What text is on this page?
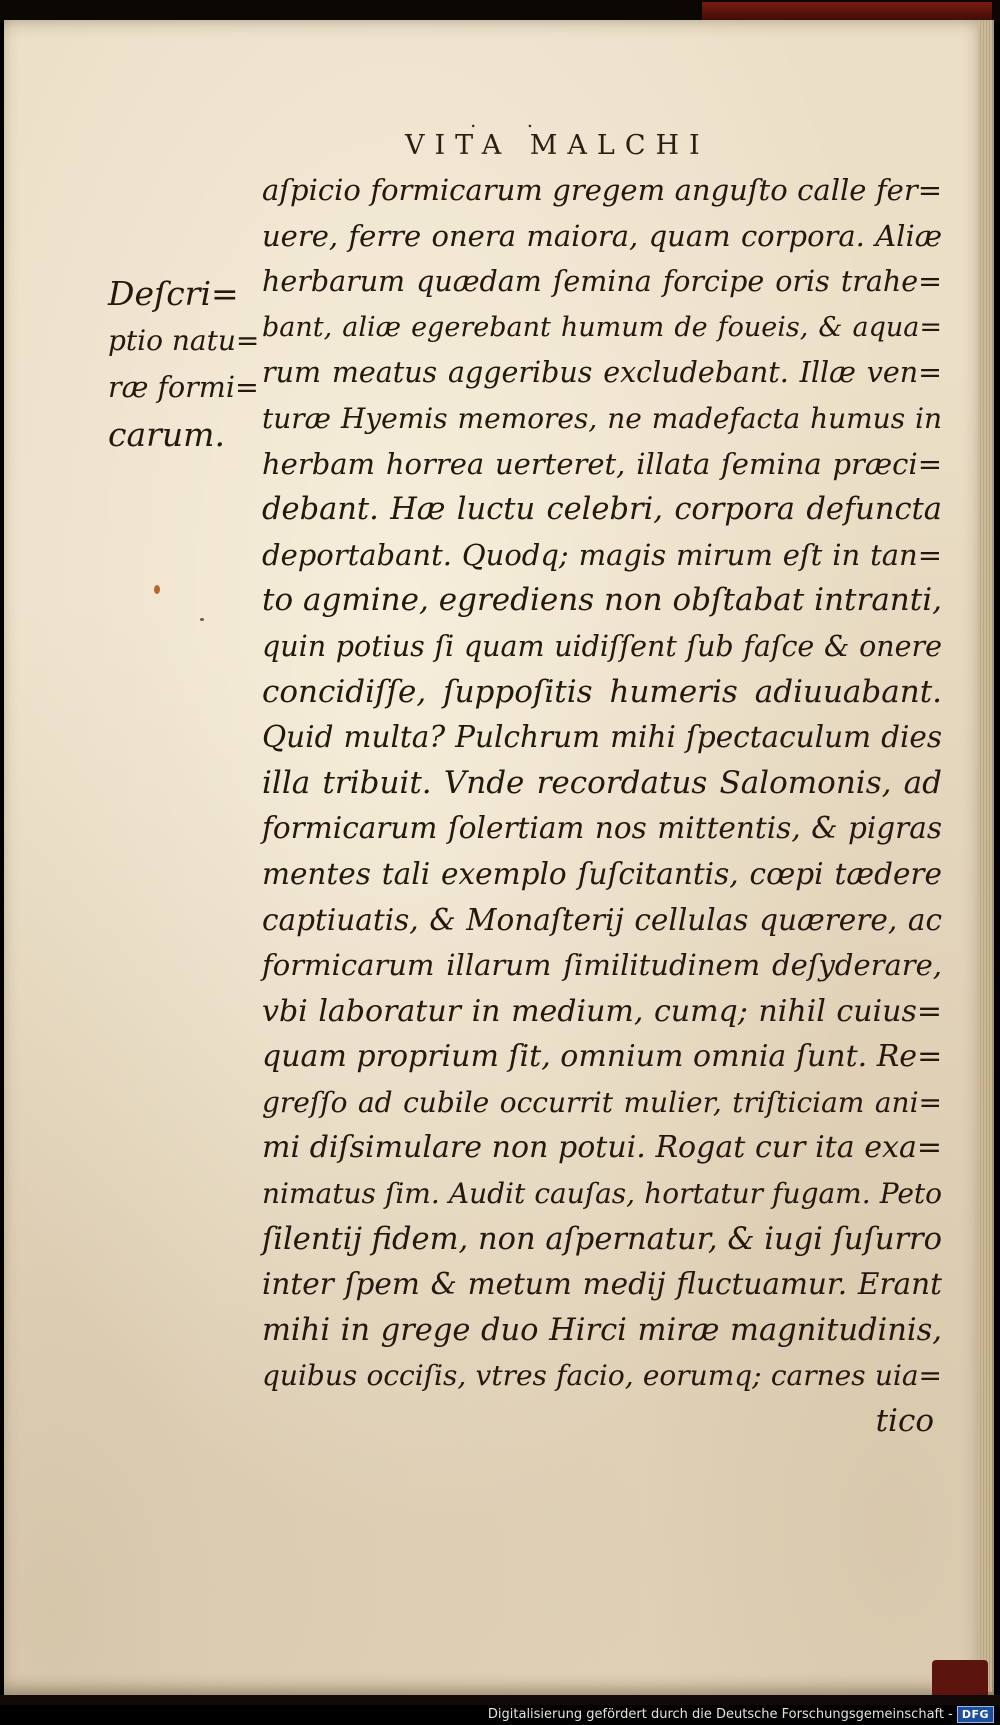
. .
VITA MALCHI
Deſcri=
ptio natu=
ræ formi=
carum.
aſpicio formicarum gregem anguſto calle fer=
uere, ferre onera maiora, quam corpora. Aliæ
herbarum quædam ſemina forcipe oris trahe=
bant, aliæ egerebant humum de foueis, & aqua=
rum meatus aggeribus excludebant. Illæ ven=
turæ Hyemis memores, ne madefacta humus in
herbam horrea uerteret, illata ſemina præci=
debant. Hæ luctu celebri, corpora defuncta
deportabant. Quodq; magis mirum eſt in tan=
to agmine, egrediens non obſtabat intranti,
quin potius ſi quam uidiſſent ſub faſce & onere
concidiſſe, ſuppoſitis humeris adiuuabant.
Quid multa? Pulchrum mihi ſpectaculum dies
illa tribuit. Vnde recordatus Salomonis, ad
formicarum ſolertiam nos mittentis, & pigras
mentes tali exemplo ſuſcitantis, cœpi tædere
captiuatis, & Monaſterij cellulas quærere, ac
formicarum illarum ſimilitudinem deſyderare,
vbi laboratur in medium, cumq; nihil cuius=
quam proprium ſit, omnium omnia ſunt. Re=
greſſo ad cubile occurrit mulier, triſticiam ani=
mi diſsimulare non potui. Rogat cur ita exa=
nimatus ſim. Audit cauſas, hortatur fugam. Peto
ſilentij fidem, non aſpernatur, & iugi ſuſurro
inter ſpem & metum medij fluctuamur. Erant
mihi in grege duo Hirci miræ magnitudinis,
quibus occiſis, vtres facio, eorumq; carnes uia=
tico
Digitalisierung gefördert durch die Deutsche Forschungsgemeinschaft - DFG
